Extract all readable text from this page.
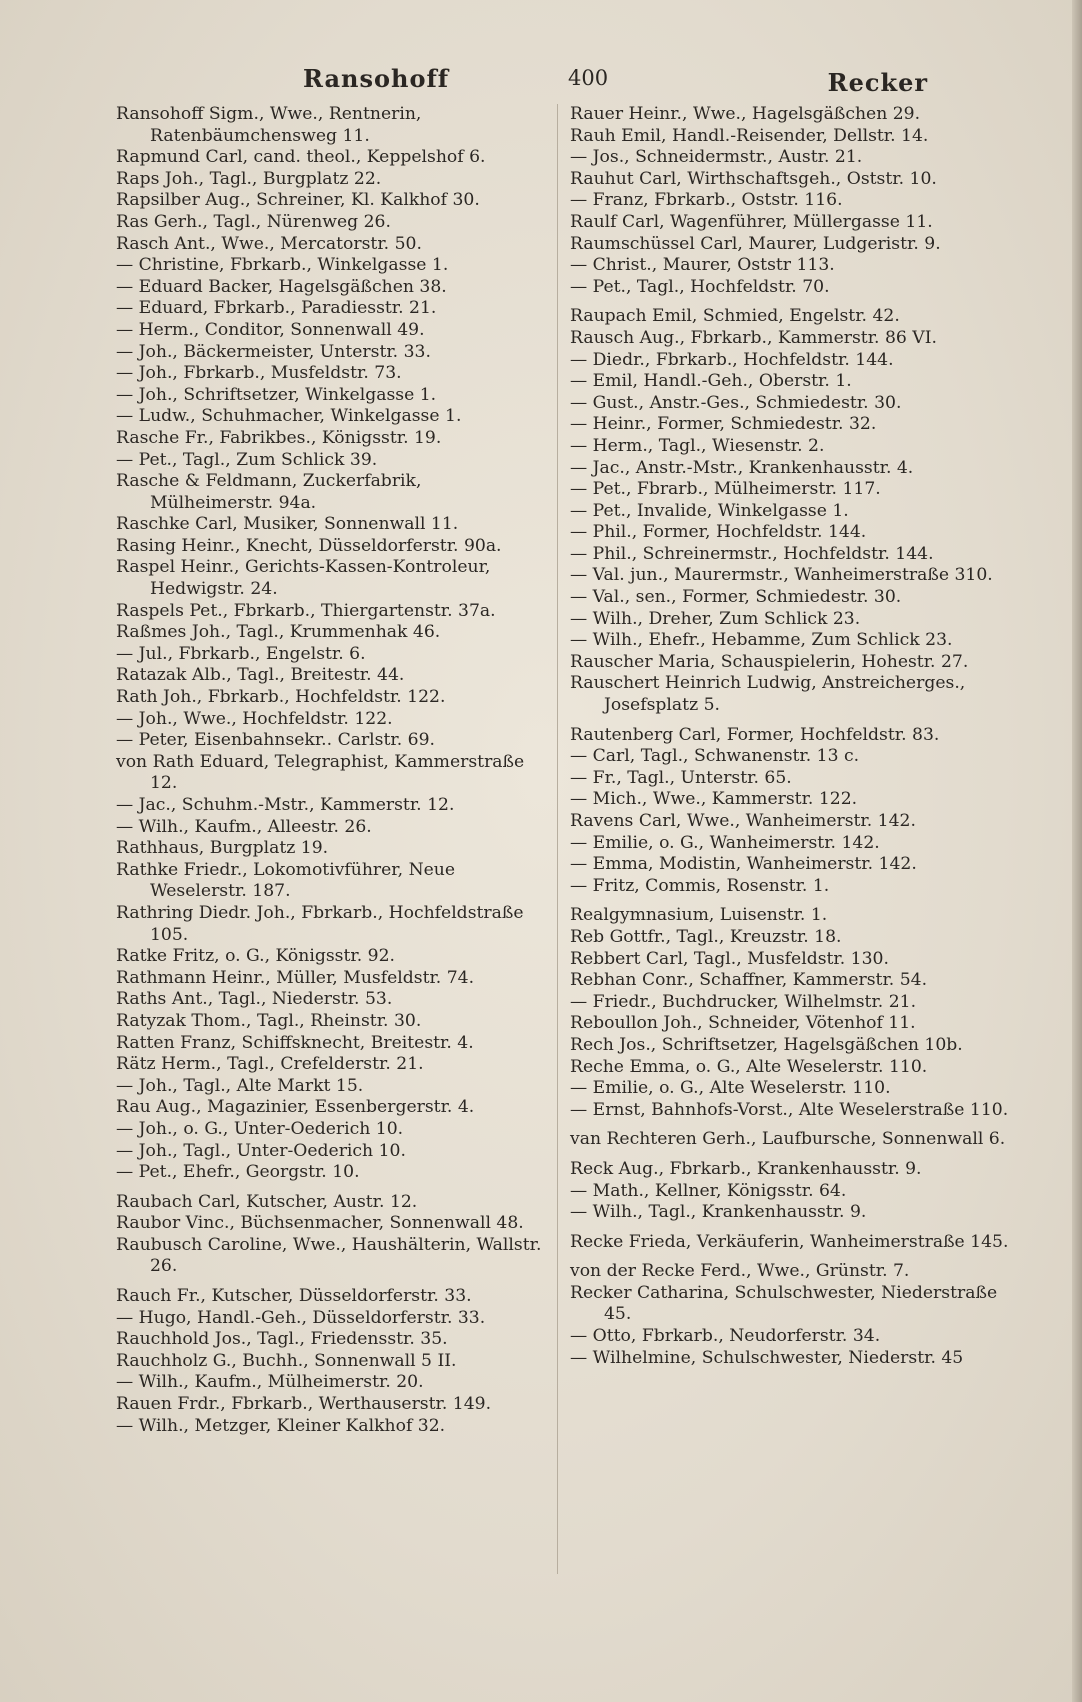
Ransohoff	400	Recker

Ransohoff Sigm., Wwe., Rentnerin, Ratenbäumchensweg 11.

Rapmund Carl, cand. theol., Keppelshof 6.

Raps Joh., Tagl., Burgplatz 22.

Rapsilber Aug., Schreiner, Kl. Kalkhof 30.

Ras Gerh., Tagl., Nürenweg 26.

Rasch Ant., Wwe., Mercatorstr. 50.

— Christine, Fbrkarb., Winkelgasse 1.

— Eduard Backer, Hagelsgäßchen 38.

— Eduard, Fbrkarb., Paradiesstr. 21.

— Herm., Conditor, Sonnenwall 49.

— Joh., Bäckermeister, Unterstr. 33.

— Joh., Fbrkarb., Musfeldstr. 73.

— Joh., Schriftsetzer, Winkelgasse 1.

— Ludw., Schuhmacher, Winkelgasse 1.

Rasche Fr., Fabrikbes., Königsstr. 19.

— Pet., Tagl., Zum Schlick 39.

Rasche & Feldmann, Zuckerfabrik, Mülheimerstr. 94a.

Raschke Carl, Musiker, Sonnenwall 11.

Rasing Heinr., Knecht, Düsseldorferstr. 90a.

Raspel Heinr., Gerichts-Kassen-Kontroleur, Hedwigstr. 24.

Raspels Pet., Fbrkarb., Thiergartenstr. 37a.

Raßmes Joh., Tagl., Krummenhak 46.

— Jul., Fbrkarb., Engelstr. 6.

Ratazak Alb., Tagl., Breitestr. 44.

Rath Joh., Fbrkarb., Hochfeldstr. 122.

— Joh., Wwe., Hochfeldstr. 122.

— Peter, Eisenbahnsekr.. Carlstr. 69.

von Rath Eduard, Telegraphist, Kammerstraße 12.

— Jac., Schuhm.-Mstr., Kammerstr. 12.

— Wilh., Kaufm., Alleestr. 26.

Rathhaus, Burgplatz 19.

Rathke Friedr., Lokomotivführer, Neue Weselerstr. 187.

Rathring Diedr. Joh., Fbrkarb., Hochfeldstraße 105.

Ratke Fritz, o. G., Königsstr. 92.

Rathmann Heinr., Müller, Musfeldstr. 74.

Raths Ant., Tagl., Niederstr. 53.

Ratyzak Thom., Tagl., Rheinstr. 30.

Ratten Franz, Schiffsknecht, Breitestr. 4.

Rätz Herm., Tagl., Crefelderstr. 21.

— Joh., Tagl., Alte Markt 15.

Rau Aug., Magazinier, Essenbergerstr. 4.

— Joh., o. G., Unter-Oederich 10.

— Joh., Tagl., Unter-Oederich 10.

— Pet., Ehefr., Georgstr. 10.

Raubach Carl, Kutscher, Austr. 12.

Raubor Vinc., Büchsenmacher, Sonnenwall 48.

Raubusch Caroline, Wwe., Haushälterin, Wallstr. 26.

Rauch Fr., Kutscher, Düsseldorferstr. 33.

— Hugo, Handl.-Geh., Düsseldorferstr. 33.

Rauchhold Jos., Tagl., Friedensstr. 35.

Rauchholz G., Buchh., Sonnenwall 5 II.

— Wilh., Kaufm., Mülheimerstr. 20.

Rauen Frdr., Fbrkarb., Werthauserstr. 149.

— Wilh., Metzger, Kleiner Kalkhof 32.

Rauer Heinr., Wwe., Hagelsgäßchen 29.

Rauh Emil, Handl.-Reisender, Dellstr. 14.

— Jos., Schneidermstr., Austr. 21.

Rauhut Carl, Wirthschaftsgeh., Oststr. 10.

— Franz, Fbrkarb., Oststr. 116.

Raulf Carl, Wagenführer, Müllergasse 11.

Raumschüssel Carl, Maurer, Ludgeristr. 9.

— Christ., Maurer, Oststr 113.

— Pet., Tagl., Hochfeldstr. 70.

Raupach Emil, Schmied, Engelstr. 42.

Rausch Aug., Fbrkarb., Kammerstr. 86 VI.

— Diedr., Fbrkarb., Hochfeldstr. 144.

— Emil, Handl.-Geh., Oberstr. 1.

— Gust., Anstr.-Ges., Schmiedestr. 30.

— Heinr., Former, Schmiedestr. 32.

— Herm., Tagl., Wiesenstr. 2.

— Jac., Anstr.-Mstr., Krankenhausstr. 4.

— Pet., Fbrarb., Mülheimerstr. 117.

— Pet., Invalide, Winkelgasse 1.

— Phil., Former, Hochfeldstr. 144.

— Phil., Schreinermstr., Hochfeldstr. 144.

— Val. jun., Maurermstr., Wanheimerstraße 310.

— Val., sen., Former, Schmiedestr. 30.

— Wilh., Dreher, Zum Schlick 23.

— Wilh., Ehefr., Hebamme, Zum Schlick 23.

Rauscher Maria, Schauspielerin, Hohestr. 27.

Rauschert Heinrich Ludwig, Anstreicherges., Josefsplatz 5.

Rautenberg Carl, Former, Hochfeldstr. 83.

— Carl, Tagl., Schwanenstr. 13 c.

— Fr., Tagl., Unterstr. 65.

— Mich., Wwe., Kammerstr. 122.

Ravens Carl, Wwe., Wanheimerstr. 142.

— Emilie, o. G., Wanheimerstr. 142.

— Emma, Modistin, Wanheimerstr. 142.

— Fritz, Commis, Rosenstr. 1.

Realgymnasium, Luisenstr. 1.

Reb Gottfr., Tagl., Kreuzstr. 18.

Rebbert Carl, Tagl., Musfeldstr. 130.

Rebhan Conr., Schaffner, Kammerstr. 54.

— Friedr., Buchdrucker, Wilhelmstr. 21.

Reboullon Joh., Schneider, Vötenhof 11.

Rech Jos., Schriftsetzer, Hagelsgäßchen 10b.

Reche Emma, o. G., Alte Weselerstr. 110.

— Emilie, o. G., Alte Weselerstr. 110.

— Ernst, Bahnhofs-Vorst., Alte Weselerstraße 110.

van Rechteren Gerh., Laufbursche, Sonnenwall 6.

Reck Aug., Fbrkarb., Krankenhausstr. 9.

— Math., Kellner, Königsstr. 64.

— Wilh., Tagl., Krankenhausstr. 9.

Recke Frieda, Verkäuferin, Wanheimerstraße 145.

von der Recke Ferd., Wwe., Grünstr. 7.

Recker Catharina, Schulschwester, Niederstraße 45.

— Otto, Fbrkarb., Neudorferstr. 34.

— Wilhelmine, Schulschwester, Niederstr. 45
